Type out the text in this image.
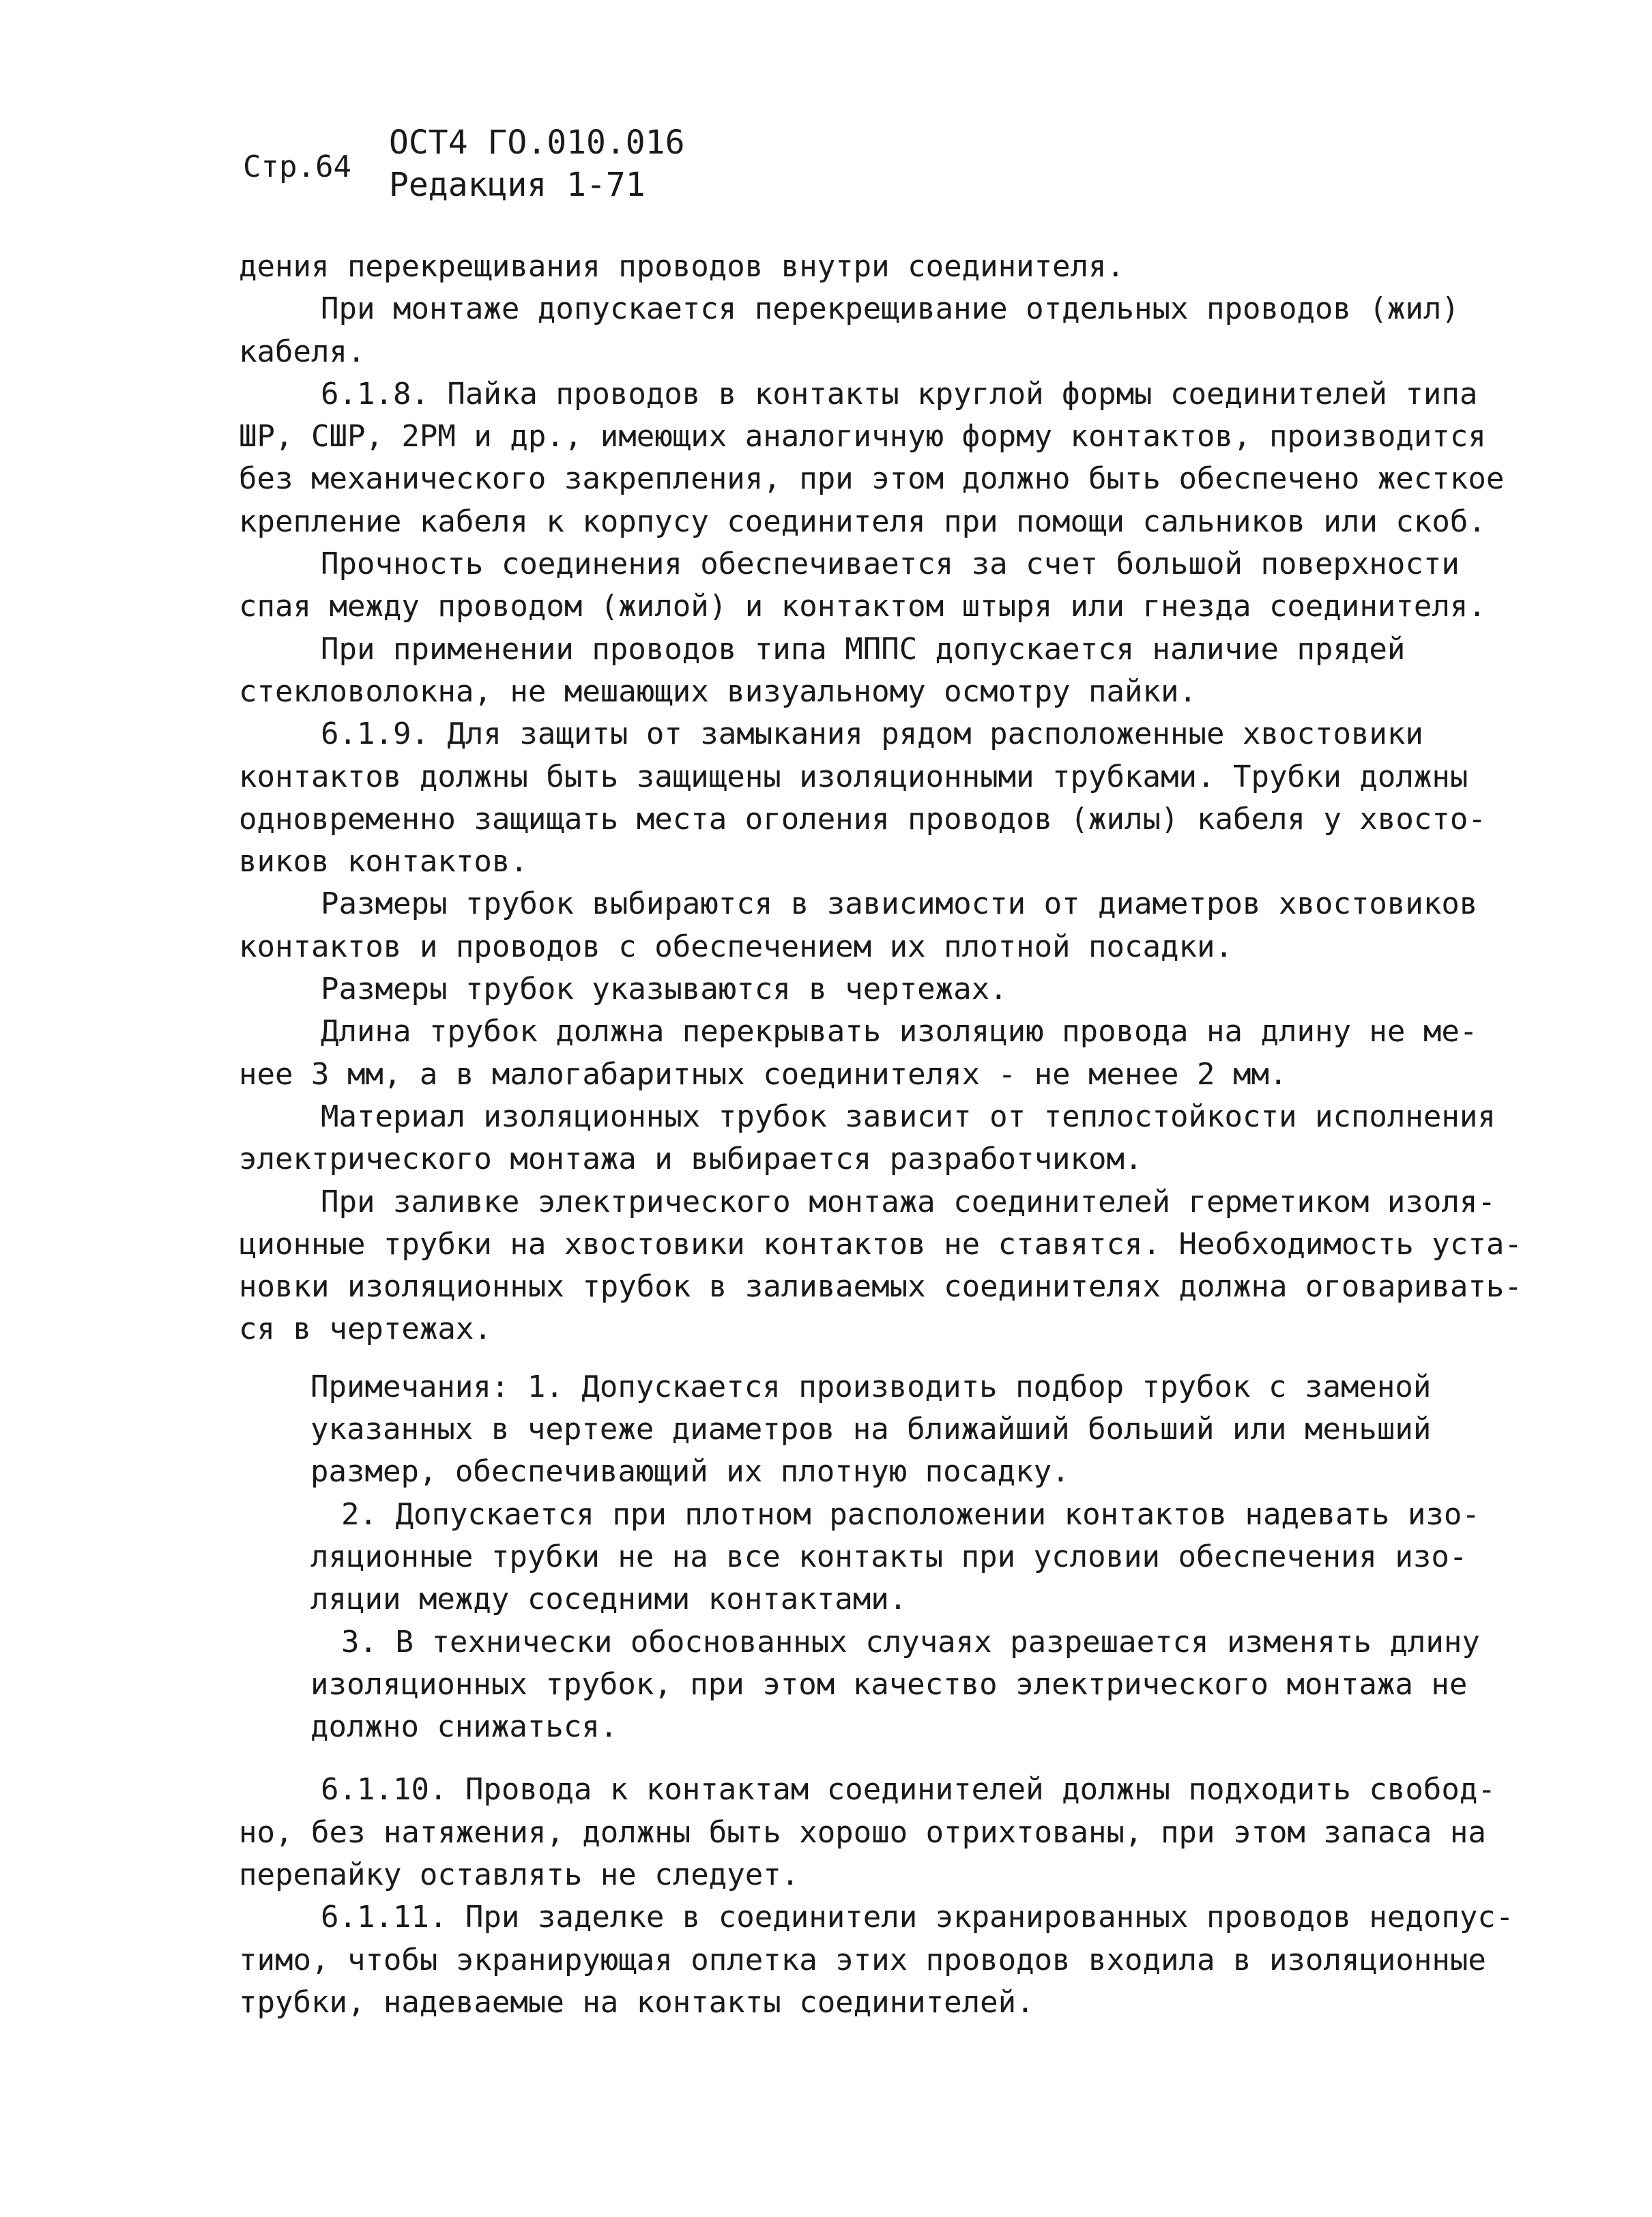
Стр.64
ОСТ4 ГО.010.016
Редакция 1-71
дения перекрещивания проводов внутри соединителя.
При монтаже допускается перекрещивание отдельных проводов (жил)
кабеля.
6.1.8. Пайка проводов в контакты круглой формы соединителей типа
ШР, СШР, 2РМ и др., имеющих аналогичную форму контактов, производится
без механического закрепления, при этом должно быть обеспечено жесткое
крепление кабеля к корпусу соединителя при помощи сальников или скоб.
Прочность соединения обеспечивается за счет большой поверхности
спая между проводом (жилой) и контактом штыря или гнезда соединителя.
При применении проводов типа МППС допускается наличие прядей
стекловолокна, не мешающих визуальному осмотру пайки.
6.1.9. Для защиты от замыкания рядом расположенные хвостовики
контактов должны быть защищены изоляционными трубками. Трубки должны
одновременно защищать места оголения проводов (жилы) кабеля у хвосто-
виков контактов.
Размеры трубок выбираются в зависимости от диаметров хвостовиков
контактов и проводов с обеспечением их плотной посадки.
Размеры трубок указываются в чертежах.
Длина трубок должна перекрывать изоляцию провода на длину не ме-
нее 3 мм, а в малогабаритных соединителях - не менее 2 мм.
Материал изоляционных трубок зависит от теплостойкости исполнения
электрического монтажа и выбирается разработчиком.
При заливке электрического монтажа соединителей герметиком изоля-
ционные трубки на хвостовики контактов не ставятся. Необходимость уста-
новки изоляционных трубок в заливаемых соединителях должна оговаривать-
ся в чертежах.
Примечания: 1. Допускается производить подбор трубок с заменой
указанных в чертеже диаметров на ближайший больший или меньший
размер, обеспечивающий их плотную посадку.
2. Допускается при плотном расположении контактов надевать изо-
ляционные трубки не на все контакты при условии обеспечения изо-
ляции между соседними контактами.
3. В технически обоснованных случаях разрешается изменять длину
изоляционных трубок, при этом качество электрического монтажа не
должно снижаться.
6.1.10. Провода к контактам соединителей должны подходить свобод-
но, без натяжения, должны быть хорошо отрихтованы, при этом запаса на
перепайку оставлять не следует.
6.1.11. При заделке в соединители экранированных проводов недопус-
тимо, чтобы экранирующая оплетка этих проводов входила в изоляционные
трубки, надеваемые на контакты соединителей.
